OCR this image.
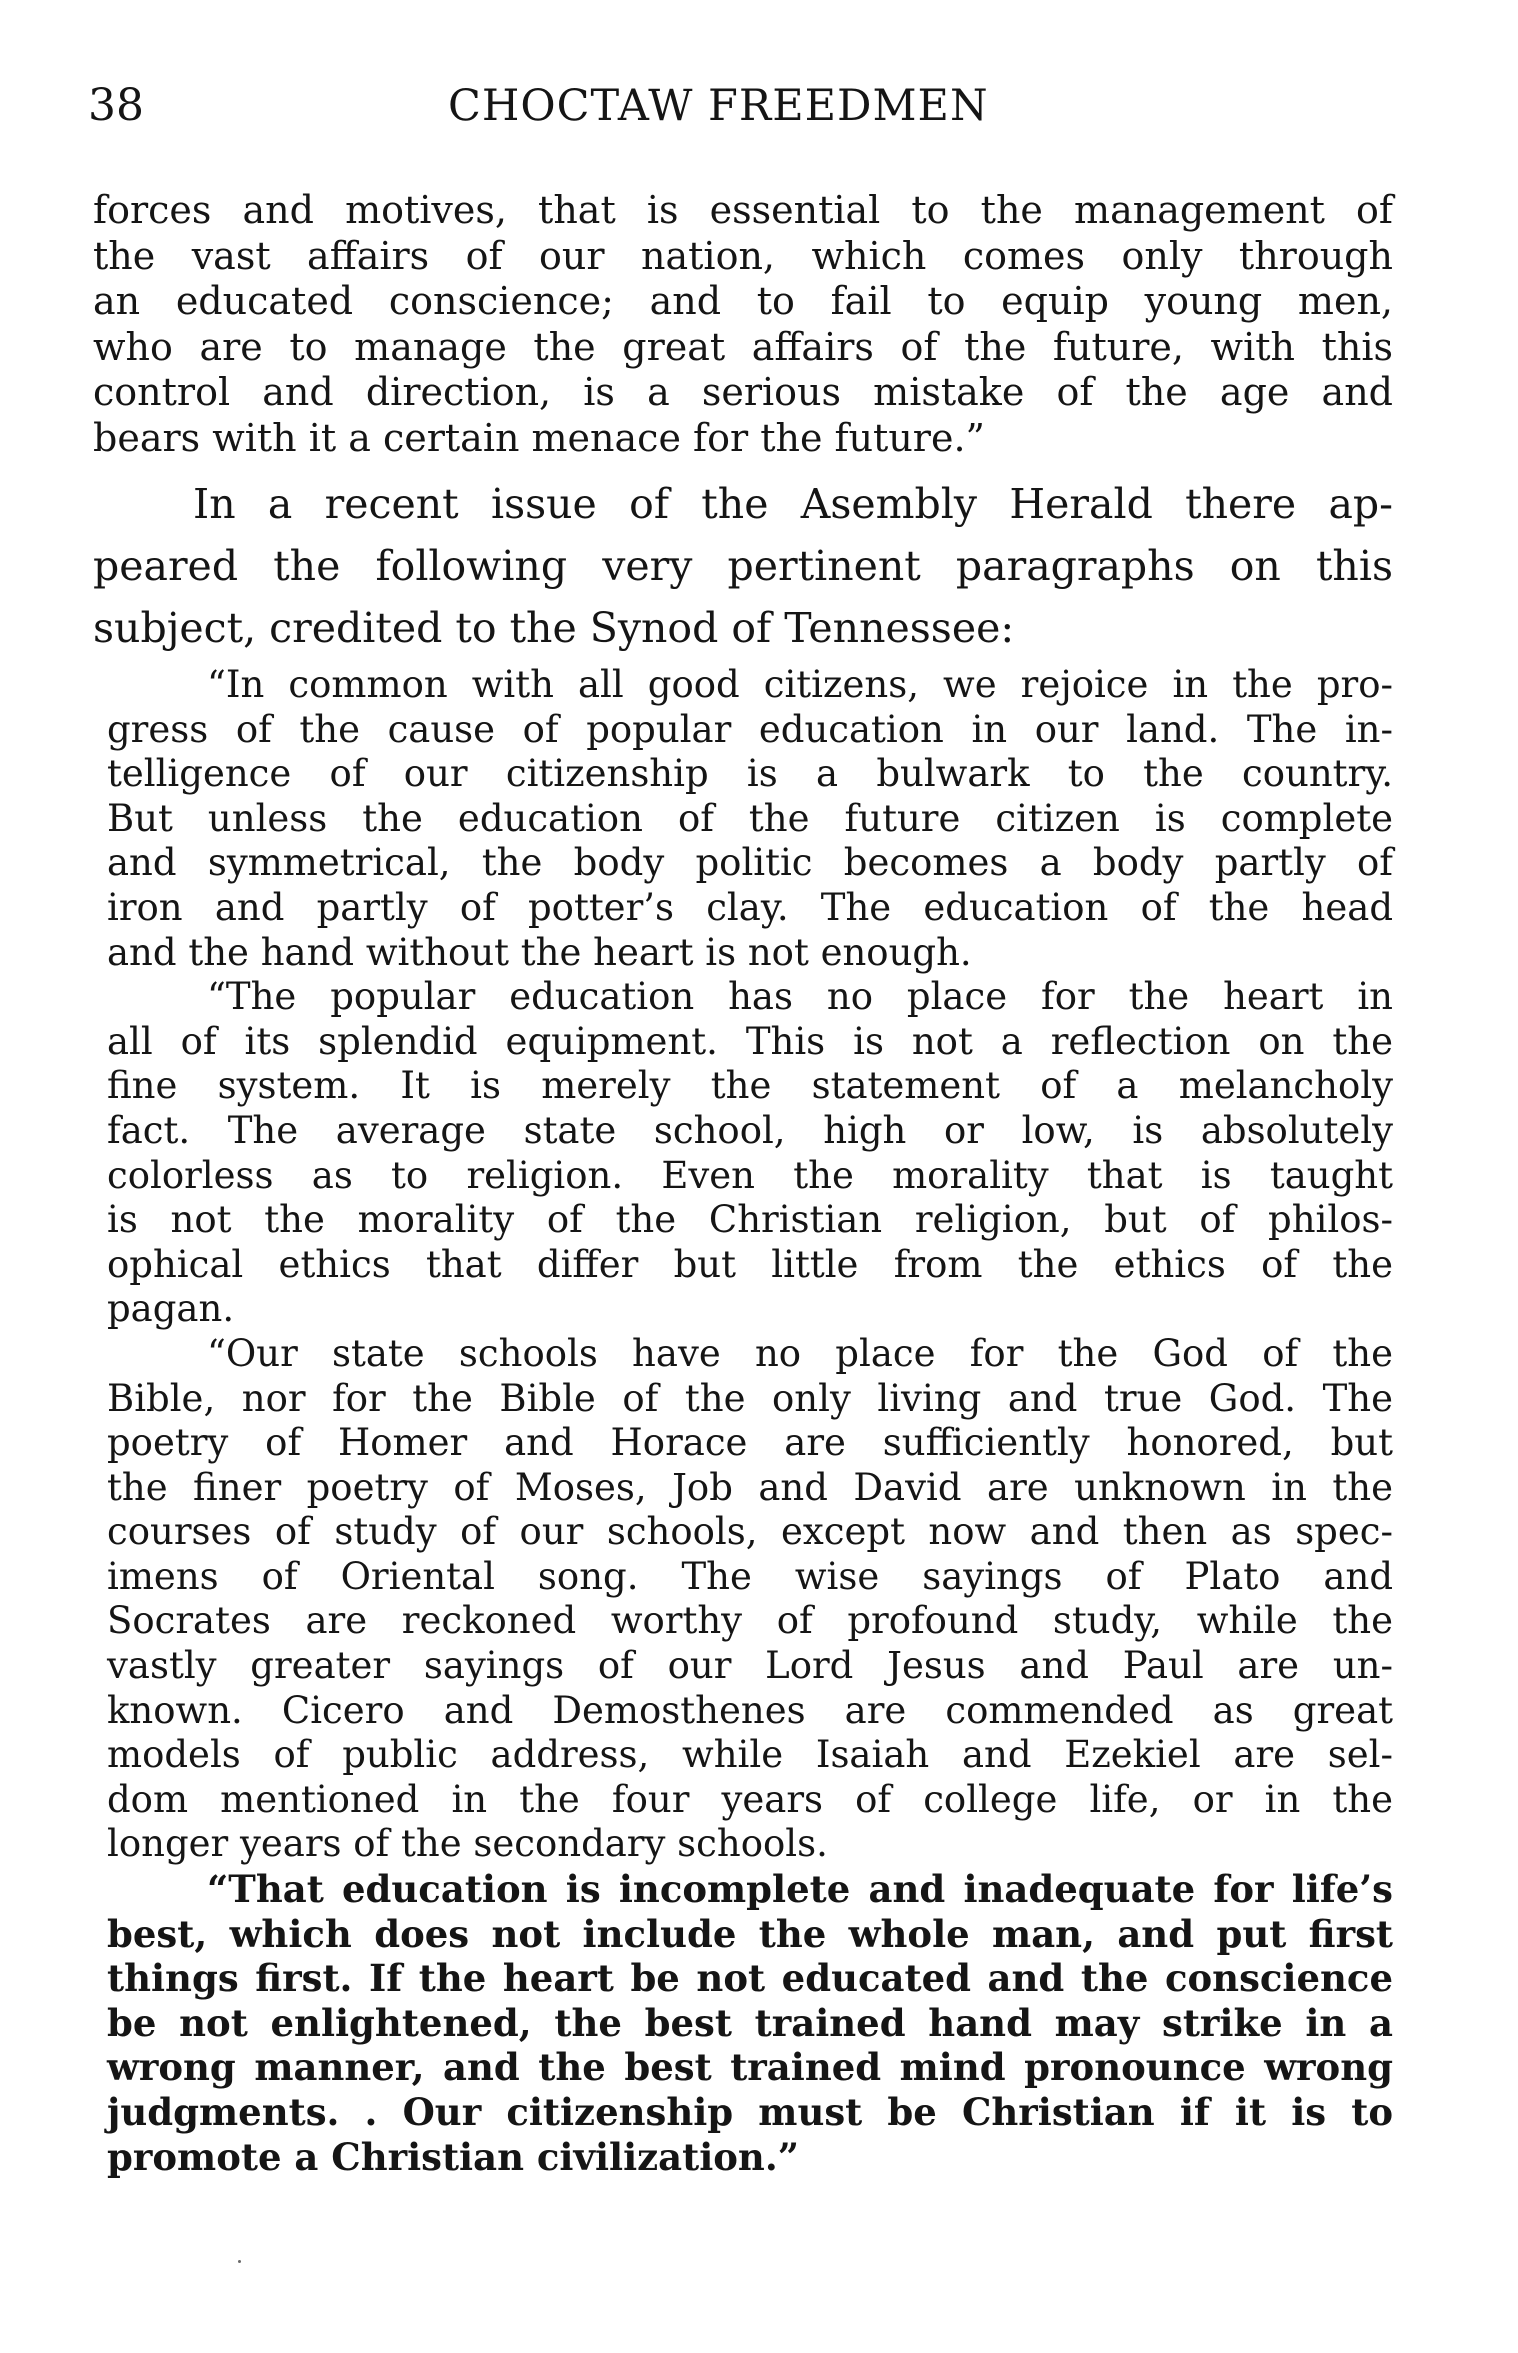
38	CHOCTAW FREEDMEN
forces and motives, that is essential to the management of
the vast affairs of our nation, which comes only through
an educated conscience; and to fail to equip young men,
who are to manage the great affairs of the future, with this
control and direction, is a serious mistake of the age and
bears with it a certain menace for the future.”
In a recent issue of the Asembly Herald there ap-
peared the following very pertinent paragraphs on this
subject, credited to the Synod of Tennessee:
“In common with all good citizens, we rejoice in the pro-
gress of the cause of popular education in our land. The in-
telligence of our citizenship is a bulwark to the country.
But unless the education of the future citizen is complete
and symmetrical, the body politic becomes a body partly of
iron and partly of potter’s clay. The education of the head
and the hand without the heart is not enough.
“The popular education has no place for the heart in
all of its splendid equipment. This is not a reflection on the
fine system. It is merely the statement of a melancholy
fact. The average state school, high or low, is absolutely
colorless as to religion. Even the morality that is taught
is not the morality of the Christian religion, but of philos-
ophical ethics that differ but little from the ethics of the
pagan.
“Our state schools have no place for the God of the
Bible, nor for the Bible of the only living and true God. The
poetry of Homer and Horace are sufficiently honored, but
the finer poetry of Moses, Job and David are unknown in the
courses of study of our schools, except now and then as spec-
imens of Oriental song. The wise sayings of Plato and
Socrates are reckoned worthy of profound study, while the
vastly greater sayings of our Lord Jesus and Paul are un-
known. Cicero and Demosthenes are commended as great
models of public address, while Isaiah and Ezekiel are sel-
dom mentioned in the four years of college life, or in the
longer years of the secondary schools.
“That education is incomplete and inadequate for life’s
best, which does not include the whole man, and put first
things first. If the heart be not educated and the conscience
be not enlightened, the best trained hand may strike in a
wrong manner, and the best trained mind pronounce wrong
judgments. . Our citizenship must be Christian if it is to
promote a Christian civilization.”
